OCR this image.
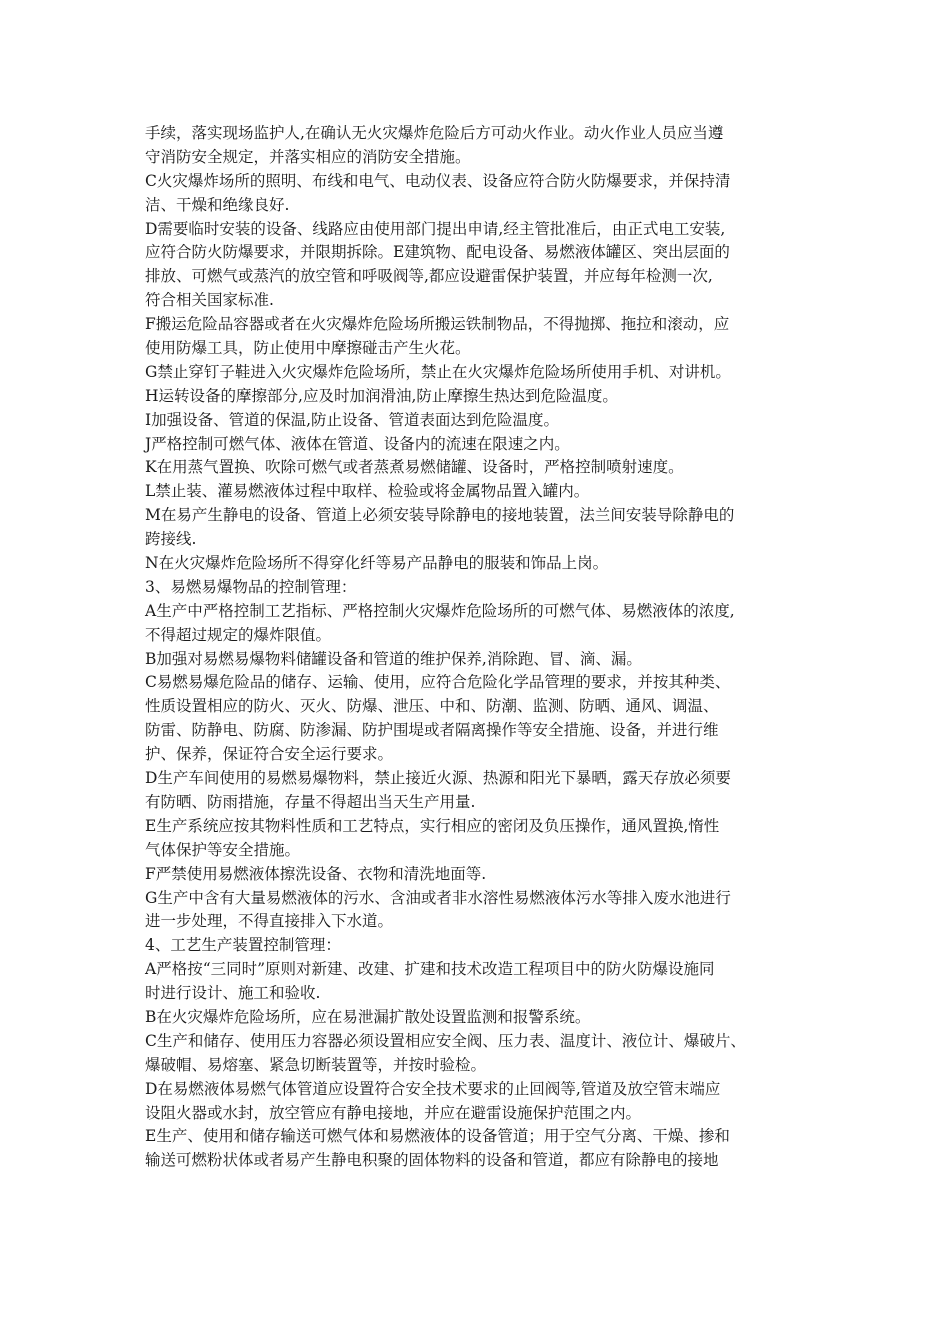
手续，落实现场监护人,在确认无火灾爆炸危险后方可动火作业。动火作业人员应当遵
守消防安全规定，并落实相应的消防安全措施。
C火灾爆炸场所的照明、布线和电气、电动仪表、设备应符合防火防爆要求，并保持清
洁、干燥和绝缘良好.
D需要临时安装的设备、线路应由使用部门提出申请,经主管批准后，由正式电工安装,
应符合防火防爆要求，并限期拆除。E建筑物、配电设备、易燃液体罐区、突出层面的
排放、可燃气或蒸汽的放空管和呼吸阀等,都应设避雷保护装置，并应每年检测一次,
符合相关国家标准.
F搬运危险品容器或者在火灾爆炸危险场所搬运铁制物品，不得抛掷、拖拉和滚动，应
使用防爆工具，防止使用中摩擦碰击产生火花。
G禁止穿钉子鞋进入火灾爆炸危险场所，禁止在火灾爆炸危险场所使用手机、对讲机。
H运转设备的摩擦部分,应及时加润滑油,防止摩擦生热达到危险温度。
I加强设备、管道的保温,防止设备、管道表面达到危险温度。
J严格控制可燃气体、液体在管道、设备内的流速在限速之内。
K在用蒸气置换、吹除可燃气或者蒸煮易燃储罐、设备时，严格控制喷射速度。
L禁止装、灌易燃液体过程中取样、检验或将金属物品置入罐内。
M在易产生静电的设备、管道上必须安装导除静电的接地装置，法兰间安装导除静电的
跨接线.
N在火灾爆炸危险场所不得穿化纤等易产品静电的服装和饰品上岗。
3、易燃易爆物品的控制管理：
A生产中严格控制工艺指标、严格控制火灾爆炸危险场所的可燃气体、易燃液体的浓度,
不得超过规定的爆炸限值。
B加强对易燃易爆物料储罐设备和管道的维护保养,消除跑、冒、滴、漏。
C易燃易爆危险品的储存、运输、使用，应符合危险化学品管理的要求，并按其种类、
性质设置相应的防火、灭火、防爆、泄压、中和、防潮、监测、防晒、通风、调温、
防雷、防静电、防腐、防渗漏、防护围堤或者隔离操作等安全措施、设备，并进行维
护、保养，保证符合安全运行要求。
D生产车间使用的易燃易爆物料，禁止接近火源、热源和阳光下暴晒，露天存放必须要
有防晒、防雨措施，存量不得超出当天生产用量.
E生产系统应按其物料性质和工艺特点，实行相应的密闭及负压操作，通风置换,惰性
气体保护等安全措施。
F严禁使用易燃液体擦洗设备、衣物和清洗地面等.
G生产中含有大量易燃液体的污水、含油或者非水溶性易燃液体污水等排入废水池进行
进一步处理，不得直接排入下水道。
4、工艺生产装置控制管理：
A严格按“三同时”原则对新建、改建、扩建和技术改造工程项目中的防火防爆设施同
时进行设计、施工和验收.
B在火灾爆炸危险场所，应在易泄漏扩散处设置监测和报警系统。
C生产和储存、使用压力容器必须设置相应安全阀、压力表、温度计、液位计、爆破片、
爆破帽、易熔塞、紧急切断装置等，并按时验检。
D在易燃液体易燃气体管道应设置符合安全技术要求的止回阀等,管道及放空管末端应
设阻火器或水封，放空管应有静电接地，并应在避雷设施保护范围之内。
E生产、使用和储存输送可燃气体和易燃液体的设备管道；用于空气分离、干燥、掺和
输送可燃粉状体或者易产生静电积聚的固体物料的设备和管道，都应有除静电的接地
